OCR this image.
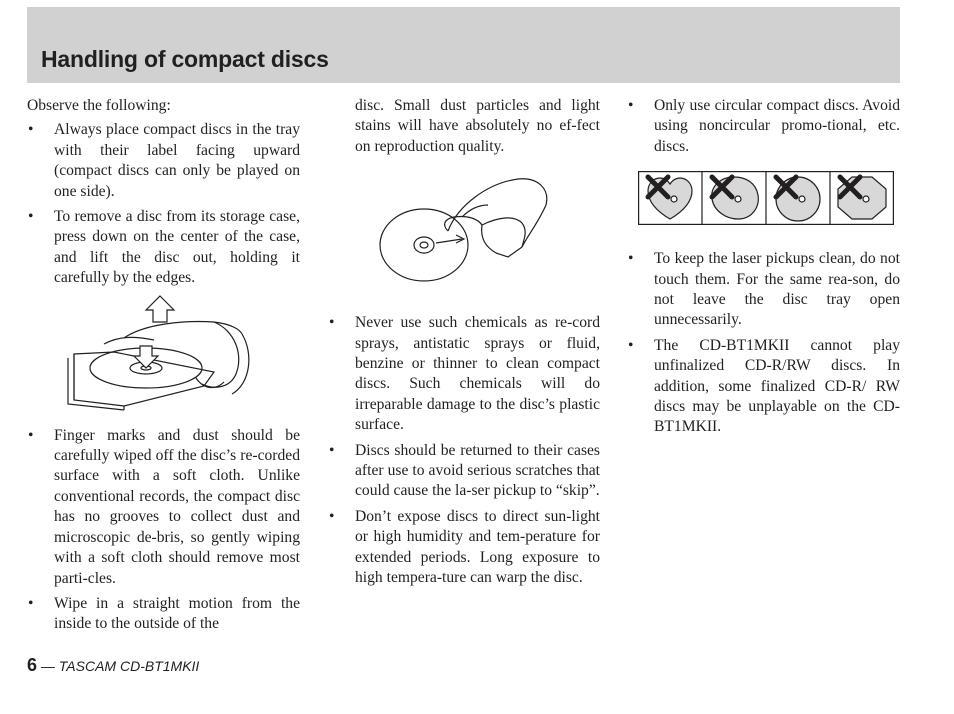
Handling of compact discs

Observe the following:

• Always place compact discs in the tray with their label facing upward (compact discs can only be played on one side).
• To remove a disc from its storage case, press down on the center of the case, and lift the disc out, holding it carefully by the edges.
• Finger marks and dust should be carefully wiped off the disc’s re-corded surface with a soft cloth. Unlike conventional records, the compact disc has no grooves to collect dust and microscopic de-bris, so gently wiping with a soft cloth should remove most parti-cles.
• Wipe in a straight motion from the inside to the outside of the

disc. Small dust particles and light stains will have absolutely no ef-fect on reproduction quality.

• Never use such chemicals as re-cord sprays, antistatic sprays or fluid, benzine or thinner to clean compact discs. Such chemicals will do irreparable damage to the disc’s plastic surface.
• Discs should be returned to their cases after use to avoid serious scratches that could cause the la-ser pickup to “skip”.
• Don’t expose discs to direct sun-light or high humidity and tem-perature for extended periods. Long exposure to high tempera-ture can warp the disc.
• Only use circular compact discs. Avoid using noncircular promo-tional, etc. discs.
• To keep the laser pickups clean, do not touch them. For the same rea-son, do not leave the disc tray open unnecessarily.
• The CD-BT1MKII cannot play unfinalized CD-R/RW discs. In addition, some finalized CD-R/ RW discs may be unplayable on the CD-BT1MKII.
6 — TASCAM CD-BT1MKII
